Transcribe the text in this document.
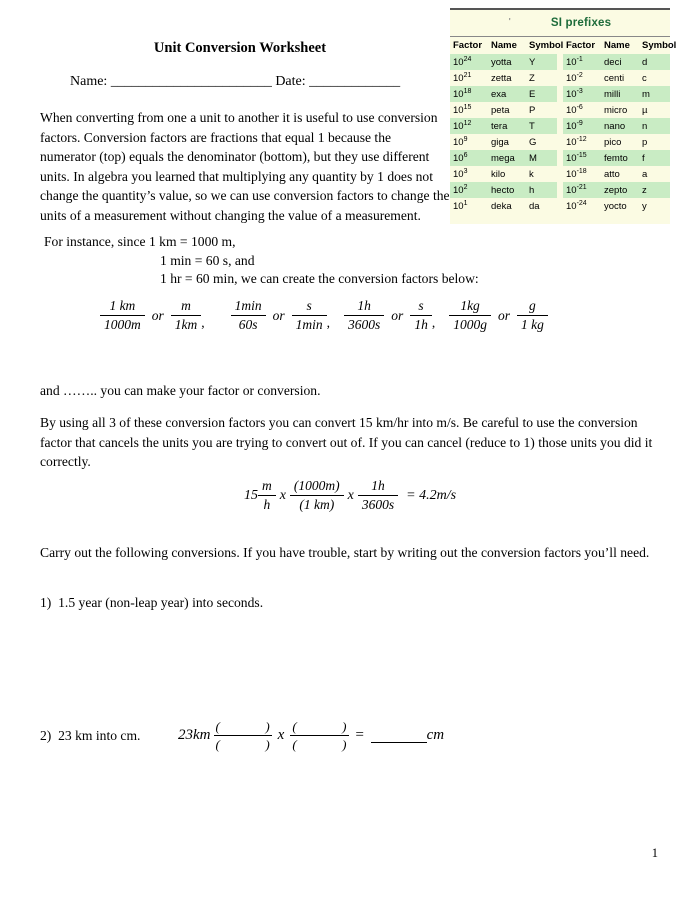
'	SI prefixes
Factor Name	Symbol
$10^{24}$	yotta	Y
$10^{21}$	zetta	Z
$10^{18}$	exa	E
$10^{15}$	peta	P
$10^{12}$	tera	T
$10^9$	giga	G
$10^6$	mega	M
$10^3$	kilo	k
$10^2$	hecto	h
$10^1$	deka	da
Factor Name	Symbol
$10^{-1}$	deci	d
$10^{-2}$	centi	c
$10^{-3}$	milli	m
$10^{-6}$	micro	µ
$10^{-9}$	nano	n
$10^{-12}$	pico	p
$10^{-15}$	femto	f
$10^{-18}$	atto	a
$10^{-21}$	zepto	z
$10^{-24}$	yocto	y
Unit Conversion Worksheet
Name: _______________________ Date: _____________
When converting from one a unit to another it is useful to use conversion factors. Conversion factors are fractions that equal 1 because the numerator (top) equals the denominator (bottom), but they use different units. In algebra you learned that multiplying any quantity by 1 does not change the quantity’s value, so we can use conversion factors to change the units of a measurement without changing the value of a measurement.
For instance, since 1 km = 1000 m,
1 min = 60 s, and
1 hr = 60 min, we can create the conversion factors below:
$\frac{1 km}{1000m}$ or $\frac{m}{1km}$ , $\frac{1\min}{60s}$ or $\frac{s}{1\min}$ , $\frac{1h}{3600s}$ or $\frac{s}{1h}$ , $\frac{1kg}{1000g}$ or $\frac{g}{1 kg}$
and …….. you can make your factor or conversion.
By using all 3 of these conversion factors you can convert 15 km/hr into m/s. Be careful to use the conversion factor that cancels the units you are trying to convert out of. If you can cancel (reduce to 1) those units you did it correctly.
$15 \frac{m}{h}$ x $\frac{(1000m)}{(1 km)}$ x $\frac{1h}{3600s} = 4.2m/s$
Carry out the following conversions. If you have trouble, start by writing out the conversion factors you’ll need.
1) 1.5 year (non-leap year) into seconds.
2) 23 km into cm.	$23km \frac{( )}{( )}$ x $\frac{( )}{( )}$ =	cm
1
